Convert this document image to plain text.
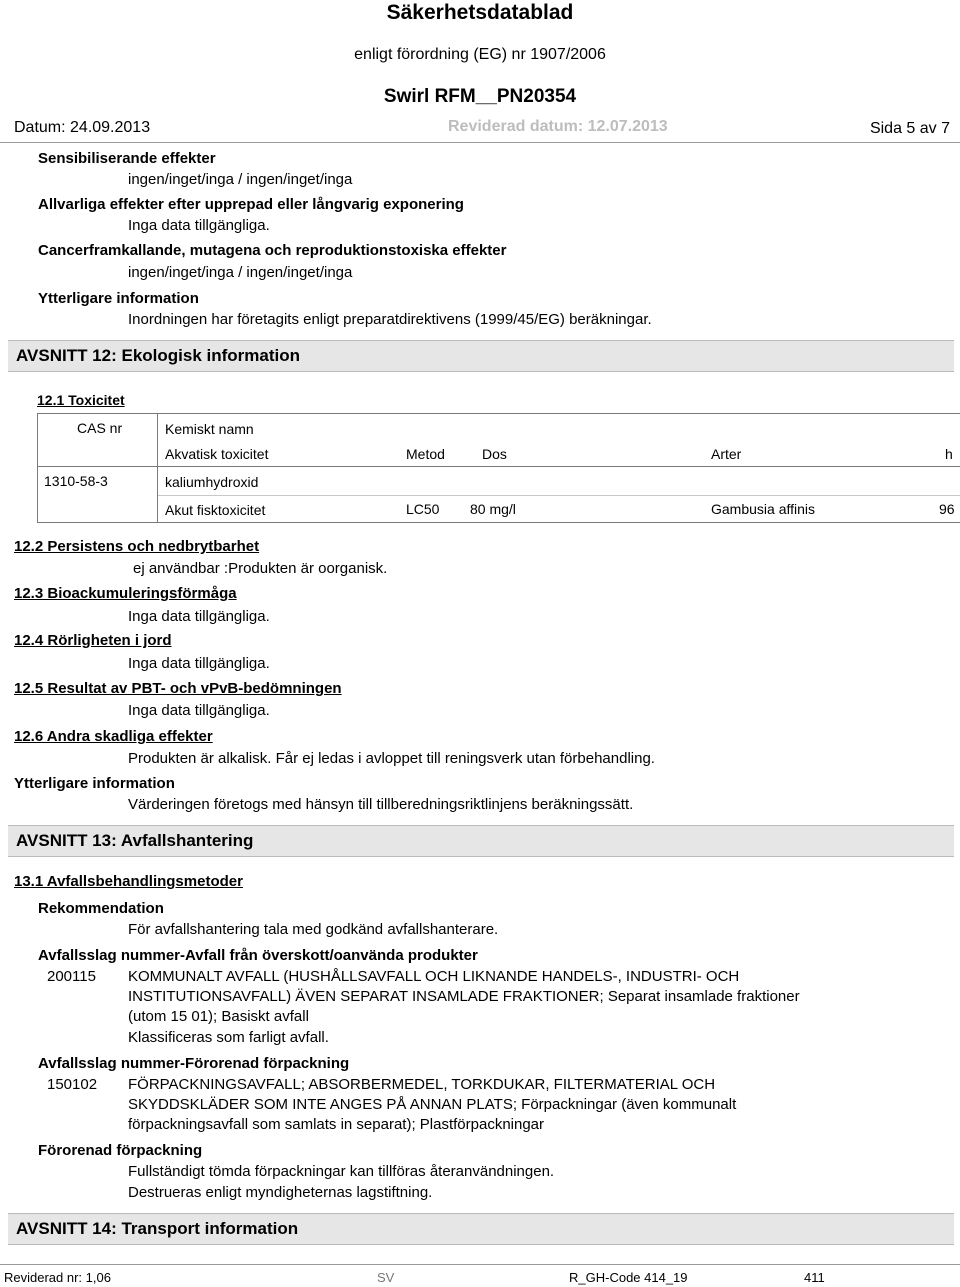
Säkerhetsdatablad
enligt förordning (EG) nr 1907/2006
Swirl RFM__PN20354
Datum: 24.09.2013	Reviderad datum: 12.07.2013	Sida 5 av 7
Sensibiliserande effekter
ingen/inget/inga / ingen/inget/inga
Allvarliga effekter efter upprepad eller långvarig exponering
Inga data tillgängliga.
Cancerframkallande, mutagena och reproduktionstoxiska effekter
ingen/inget/inga / ingen/inget/inga
Ytterligare information
Inordningen har företagits enligt preparatdirektivens (1999/45/EG) beräkningar.
AVSNITT 12: Ekologisk information
12.1 Toxicitet
CAS nr	Kemiskt namn
Akvatisk toxicitet	Metod	Dos	Arter	h
1310-58-3	kaliumhydroxid
Akut fisktoxicitet	LC50 80 mg/l	Gambusia affinis	96
12.2 Persistens och nedbrytbarhet
ej användbar :Produkten är oorganisk.
12.3 Bioackumuleringsförmåga
Inga data tillgängliga.
12.4 Rörligheten i jord
Inga data tillgängliga.
12.5 Resultat av PBT- och vPvB-bedömningen
Inga data tillgängliga.
12.6 Andra skadliga effekter
Produkten är alkalisk. Får ej ledas i avloppet till reningsverk utan förbehandling.
Ytterligare information
Värderingen företogs med hänsyn till tillberedningsriktlinjens beräkningssätt.
AVSNITT 13: Avfallshantering
13.1 Avfallsbehandlingsmetoder
Rekommendation
För avfallshantering tala med godkänd avfallshanterare.
Avfallsslag nummer-Avfall från överskott/oanvända produkter
200115 KOMMUNALT AVFALL (HUSHÅLLSAVFALL OCH LIKNANDE HANDELS-, INDUSTRI- OCH
INSTITUTIONSAVFALL) ÄVEN SEPARAT INSAMLADE FRAKTIONER; Separat insamlade fraktioner
(utom 15 01); Basiskt avfall
Klassificeras som farligt avfall.
Avfallsslag nummer-Förorenad förpackning
150102 FÖRPACKNINGSAVFALL; ABSORBERMEDEL, TORKDUKAR, FILTERMATERIAL OCH
SKYDDSKLÄDER SOM INTE ANGES PÅ ANNAN PLATS; Förpackningar (även kommunalt
förpackningsavfall som samlats in separat); Plastförpackningar
Förorenad förpackning
Fullständigt tömda förpackningar kan tillföras återanvändningen.
Destrueras enligt myndigheternas lagstiftning.
AVSNITT 14: Transport information
Reviderad nr: 1,06	SV	R_GH-Code 414_19	411
